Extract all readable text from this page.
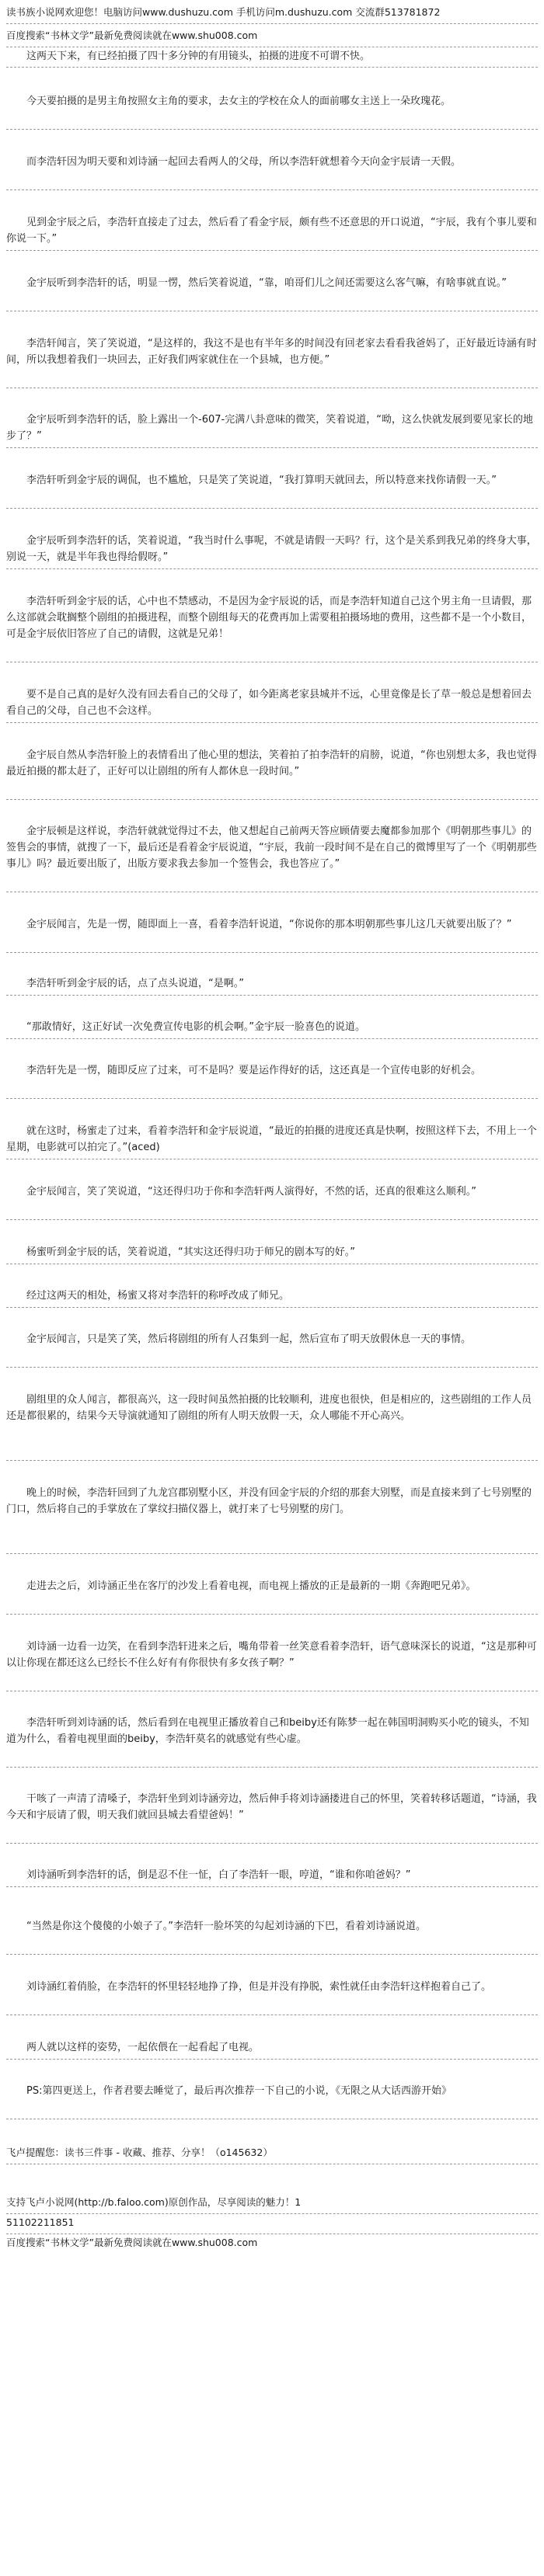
读书族小说网欢迎您！电脑访问www.dushuzu.com 手机访问m.dushuzu.com 交流群513781872
百度搜索“书林文学”最新免费阅读就在www.shu008.com
这两天下来，有已经拍摄了四十多分钟的有用镜头，拍摄的进度不可谓不快。
今天要拍摄的是男主角按照女主角的要求，去女主的学校在众人的面前哪女主送上一朵玫瑰花。
而李浩轩因为明天要和刘诗涵一起回去看两人的父母，所以李浩轩就想着今天向金宇辰请一天假。
见到金宇辰之后，李浩轩直接走了过去，然后看了看金宇辰，颇有些不还意思的开口说道，“宇辰，我有个事儿要和你说一下。”
金宇辰听到李浩轩的话，明显一愣，然后笑着说道，“靠，咱哥们儿之间还需要这么客气嘛，有啥事就直说。”
李浩轩闻言，笑了笑说道，“是这样的，我这不是也有半年多的时间没有回老家去看看我爸妈了，正好最近诗涵有时间，所以我想着我们一块回去，正好我们两家就住在一个县城，也方便。”
金宇辰听到李浩轩的话，脸上露出一个-607-完满八卦意味的微笑，笑着说道，“呦，这么快就发展到要见家长的地步了？”
李浩轩听到金宇辰的调侃，也不尴尬，只是笑了笑说道，“我打算明天就回去，所以特意来找你请假一天。”
金宇辰听到李浩轩的话，笑着说道，“我当时什么事呢，不就是请假一天吗？行，这个是关系到我兄弟的终身大事，别说一天，就是半年我也得给假呀。”
李浩轩听到金宇辰的话，心中也不禁感动，不是因为金宇辰说的话，而是李浩轩知道自己这个男主角一旦请假，那么这部就会耽搁整个剧组的拍摄进程，而整个剧组每天的花费再加上需要租拍摄场地的费用，这些都不是一个小数目，可是金宇辰依旧答应了自己的请假，这就是兄弟！
要不是自己真的是好久没有回去看自己的父母了，如今距离老家县城并不远，心里竟像是长了草一般总是想着回去看自己的父母，自己也不会这样。
金宇辰自然从李浩轩脸上的表情看出了他心里的想法，笑着拍了拍李浩轩的肩膀，说道，“你也别想太多，我也觉得最近拍摄的都太赶了，正好可以让剧组的所有人都休息一段时间。”
金宇辰顿是这样说，李浩轩就就觉得过不去，他又想起自己前两天答应顾倩要去魔都参加那个《明朝那些事儿》的签售会的事情，就搜了一下，最后还是看着金宇辰说道，“宇辰，我前一段时间不是在自己的微博里写了一个《明朝那些事儿》吗？最近要出版了，出版方要求我去参加一个签售会，我也答应了。”
金宇辰闻言，先是一愣，随即面上一喜，看着李浩轩说道，“你说你的那本明朝那些事儿这几天就要出版了？”
李浩轩听到金宇辰的话，点了点头说道，“是啊。”
“那敢情好，这正好试一次免费宣传电影的机会啊。”金宇辰一脸喜色的说道。
李浩轩先是一愣，随即反应了过来，可不是吗？要是运作得好的话，这还真是一个宣传电影的好机会。
就在这时，杨蜜走了过来，看着李浩轩和金宇辰说道，“最近的拍摄的进度还真是快啊，按照这样下去，不用上一个星期，电影就可以拍完了。”(aced)
金宇辰闻言，笑了笑说道，“这还得归功于你和李浩轩两人演得好，不然的话，还真的很难这么顺利。”
杨蜜听到金宇辰的话，笑着说道，“其实这还得归功于师兄的剧本写的好。”
经过这两天的相处，杨蜜又将对李浩轩的称呼改成了师兄。
金宇辰闻言，只是笑了笑，然后将剧组的所有人召集到一起，然后宣布了明天放假休息一天的事情。
剧组里的众人闻言，都很高兴，这一段时间虽然拍摄的比较顺利，进度也很快，但是相应的，这些剧组的工作人员还是都很累的，结果今天导演就通知了剧组的所有人明天放假一天，众人哪能不开心高兴。
晚上的时候，李浩轩回到了九龙宫郡别墅小区，并没有回金宇辰的介绍的那套大别墅，而是直接来到了七号别墅的门口，然后将自己的手掌放在了掌纹扫描仪器上，就打来了七号别墅的房门。
走进去之后，刘诗涵正坐在客厅的沙发上看着电视，而电视上播放的正是最新的一期《奔跑吧兄弟》。
刘诗涵一边看一边笑，在看到李浩轩进来之后，嘴角带着一丝笑意看着李浩轩，语气意味深长的说道，“这是那种可以让你现在都还这么已经长不住么好有有你很快有多女孩子啊？”
李浩轩听到刘诗涵的话，然后看到在电视里正播放着自己和beiby还有陈梦一起在韩国明洞购买小吃的镜头，不知道为什么，看着电视里面的beiby，李浩轩莫名的就感觉有些心虚。
干咳了一声清了清嗓子，李浩轩坐到刘诗涵旁边，然后伸手将刘诗涵搂进自己的怀里，笑着转移话题道，“诗涵，我今天和宇辰请了假，明天我们就回县城去看望爸妈！”
刘诗涵听到李浩轩的话，倒是忍不住一怔，白了李浩轩一眼，哼道，“谁和你咱爸妈？”
“当然是你这个傻傻的小娘子了。”李浩轩一脸坏笑的勾起刘诗涵的下巴，看着刘诗涵说道。
刘诗涵红着俏脸，在李浩轩的怀里轻轻地挣了挣，但是并没有挣脱，索性就任由李浩轩这样抱着自己了。
两人就以这样的姿势，一起依偎在一起看起了电视。
PS:第四更送上，作者君要去睡觉了，最后再次推荐一下自己的小说，《无限之从大话西游开始》
飞卢提醒您：读书三件事 - 收藏、推荐、分享！（o145632）
支持飞卢小说网(http://b.faloo.com)原创作品，尽享阅读的魅力！1
51102211851
百度搜索“书林文学”最新免费阅读就在www.shu008.com
